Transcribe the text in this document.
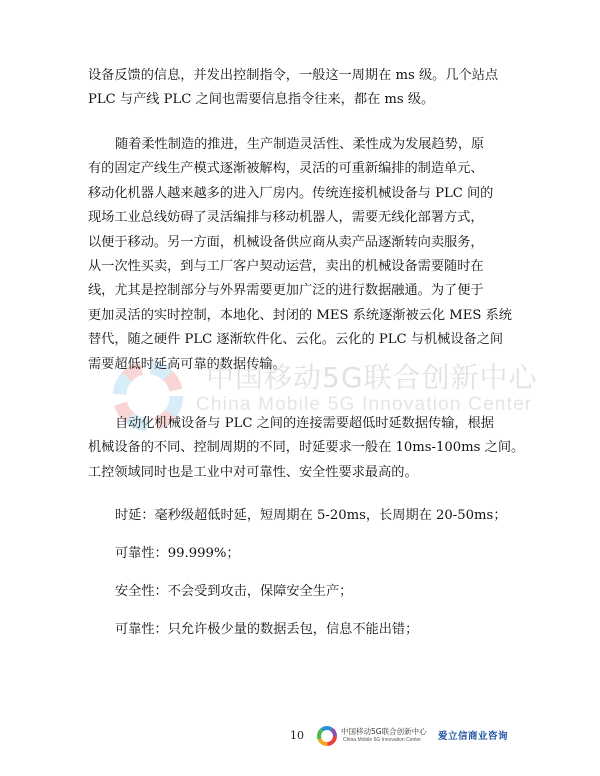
中国移动5G联合创新中心
China Mobile 5G Innovation Center
设备反馈的信息，并发出控制指令，一般这一周期在 ms 级。几个站点
PLC 与产线 PLC 之间也需要信息指令往来，都在 ms 级。
随着柔性制造的推进，生产制造灵活性、柔性成为发展趋势，原
有的固定产线生产模式逐渐被解构，灵活的可重新编排的制造单元、
移动化机器人越来越多的进入厂房内。传统连接机械设备与 PLC 间的
现场工业总线妨碍了灵活编排与移动机器人，需要无线化部署方式，
以便于移动。另一方面，机械设备供应商从卖产品逐渐转向卖服务，
从一次性买卖，到与工厂客户契动运营，卖出的机械设备需要随时在
线，尤其是控制部分与外界需要更加广泛的进行数据融通。为了便于
更加灵活的实时控制，本地化、封闭的 MES 系统逐渐被云化 MES 系统
替代，随之硬件 PLC 逐渐软件化、云化。云化的 PLC 与机械设备之间
需要超低时延高可靠的数据传输。
自动化机械设备与 PLC 之间的连接需要超低时延数据传输，根据
机械设备的不同、控制周期的不同，时延要求一般在 10ms-100ms 之间。
工控领域同时也是工业中对可靠性、安全性要求最高的。

时延：毫秒级超低时延，短周期在 5-20ms，长周期在 20-50ms；

可靠性：99.999%；

安全性：不会受到攻击，保障安全生产；

可靠性：只允许极少量的数据丢包，信息不能出错；

10	中国移动5G联合创新中心
China Mobile 5G Innovation Center 爱立信商业咨询
